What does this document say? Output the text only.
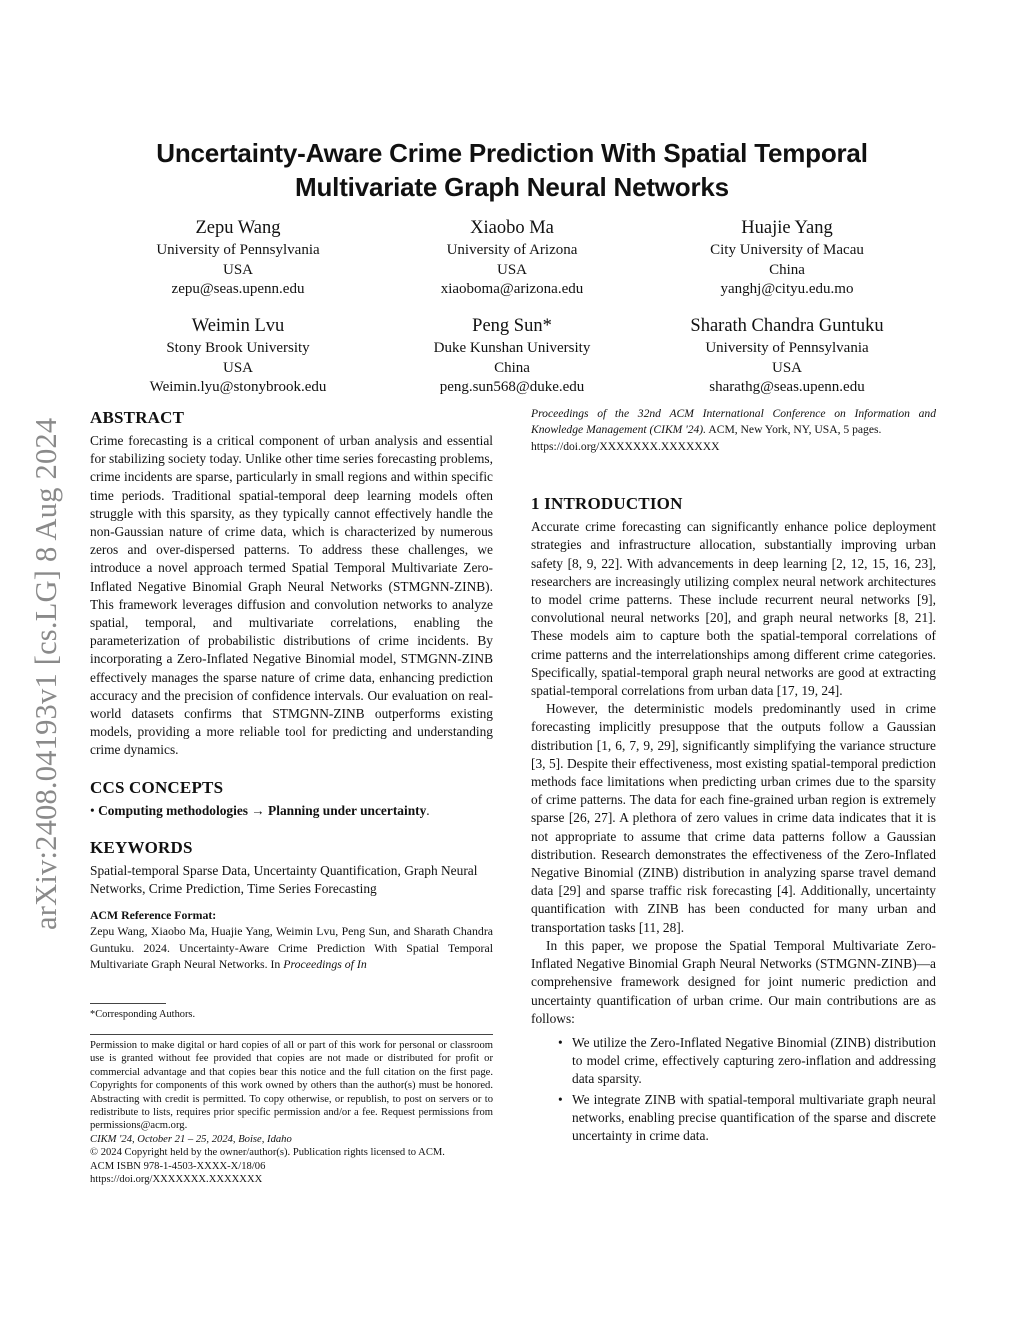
arXiv:2408.04193v1 [cs.LG] 8 Aug 2024
Uncertainty-Aware Crime Prediction With Spatial Temporal
Multivariate Graph Neural Networks
Zepu Wang
University of Pennsylvania
USA
zepu@seas.upenn.edu
Xiaobo Ma
University of Arizona
USA
xiaoboma@arizona.edu
Huajie Yang
City University of Macau
China
yanghj@cityu.edu.mo
Weimin Lvu
Stony Brook University
USA
Weimin.lyu@stonybrook.edu
Peng Sun*
Duke Kunshan University
China
peng.sun568@duke.edu
Sharath Chandra Guntuku
University of Pennsylvania
USA
sharathg@seas.upenn.edu
ABSTRACT

Crime forecasting is a critical component of urban analysis and essential for stabilizing society today. Unlike other time series forecasting problems, crime incidents are sparse, particularly in small regions and within specific time periods. Traditional spatial-temporal deep learning models often struggle with this sparsity, as they typically cannot effectively handle the non-Gaussian nature of crime data, which is characterized by numerous zeros and over-dispersed patterns. To address these challenges, we introduce a novel approach termed Spatial Temporal Multivariate Zero-Inflated Negative Binomial Graph Neural Networks (STMGNN-ZINB). This framework leverages diffusion and convolution networks to analyze spatial, temporal, and multivariate correlations, enabling the parameterization of probabilistic distributions of crime incidents. By incorporating a Zero-Inflated Negative Binomial model, STMGNN-ZINB effectively manages the sparse nature of crime data, enhancing prediction accuracy and the precision of confidence intervals. Our evaluation on real-world datasets confirms that STMGNN-ZINB outperforms existing models, providing a more reliable tool for predicting and understanding crime dynamics.

CCS CONCEPTS

• Computing methodologies → Planning under uncertainty.

KEYWORDS

Spatial-temporal Sparse Data, Uncertainty Quantification, Graph Neural Networks, Crime Prediction, Time Series Forecasting

ACM Reference Format:

Zepu Wang, Xiaobo Ma, Huajie Yang, Weimin Lvu, Peng Sun, and Sharath Chandra Guntuku. 2024. Uncertainty-Aware Crime Prediction With Spatial Temporal Multivariate Graph Neural Networks. In Proceedings of In

*Corresponding Authors.

Permission to make digital or hard copies of all or part of this work for personal or classroom use is granted without fee provided that copies are not made or distributed for profit or commercial advantage and that copies bear this notice and the full citation on the first page. Copyrights for components of this work owned by others than the author(s) must be honored. Abstracting with credit is permitted. To copy otherwise, or republish, to post on servers or to redistribute to lists, requires prior specific permission and/or a fee. Request permissions from permissions@acm.org.

CIKM '24, October 21 – 25, 2024, Boise, Idaho
© 2024 Copyright held by the owner/author(s). Publication rights licensed to ACM.
ACM ISBN 978-1-4503-XXXX-X/18/06
https://doi.org/XXXXXXX.XXXXXXX

Proceedings of the 32nd ACM International Conference on Information and Knowledge Management (CIKM '24). ACM, New York, NY, USA, 5 pages.
https://doi.org/XXXXXXX.XXXXXXX

1 INTRODUCTION

Accurate crime forecasting can significantly enhance police deployment strategies and infrastructure allocation, substantially improving urban safety [8, 9, 22]. With advancements in deep learning [2, 12, 15, 16, 23], researchers are increasingly utilizing complex neural network architectures to model crime patterns. These include recurrent neural networks [9], convolutional neural networks [20], and graph neural networks [8, 21]. These models aim to capture both the spatial-temporal correlations of crime patterns and the interrelationships among different crime categories. Specifically, spatial-temporal graph neural networks are good at extracting spatial-temporal correlations from urban data [17, 19, 24].

However, the deterministic models predominantly used in crime forecasting implicitly presuppose that the outputs follow a Gaussian distribution [1, 6, 7, 9, 29], significantly simplifying the variance structure [3, 5]. Despite their effectiveness, most existing spatial-temporal prediction methods face limitations when predicting urban crimes due to the sparsity of crime patterns. The data for each fine-grained urban region is extremely sparse [26, 27]. A plethora of zero values in crime data indicates that it is not appropriate to assume that crime data patterns follow a Gaussian distribution. Research demonstrates the effectiveness of the Zero-Inflated Negative Binomial (ZINB) distribution in analyzing sparse travel demand data [29] and sparse traffic risk forecasting [4]. Additionally, uncertainty quantification with ZINB has been conducted for many urban and transportation tasks [11, 28].

In this paper, we propose the Spatial Temporal Multivariate Zero-Inflated Negative Binomial Graph Neural Networks (STMGNN-ZINB)—a comprehensive framework designed for joint numeric prediction and uncertainty quantification of urban crime. Our main contributions are as follows:

• We utilize the Zero-Inflated Negative Binomial (ZINB) distribution to model crime, effectively capturing zero-inflation and addressing data sparsity.
• We integrate ZINB with spatial-temporal multivariate graph neural networks, enabling precise quantification of the sparse and discrete uncertainty in crime data.
